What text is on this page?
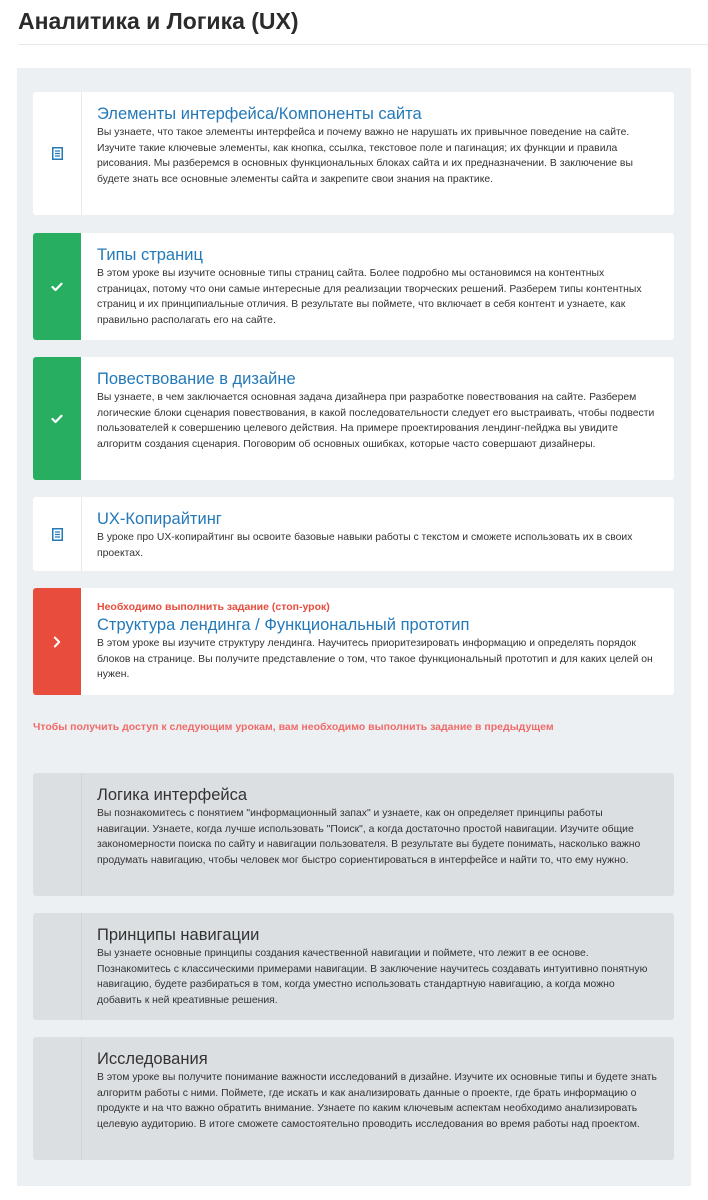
Аналитика и Логика (UX)
Элементы интерфейса/Компоненты сайта

Вы узнаете, что такое элементы интерфейса и почему важно не нарушать их привычное поведение на сайте. Изучите такие ключевые элементы, как кнопка, ссылка, текстовое поле и пагинация; их функции и правила рисования. Мы разберемся в основных функциональных блоках сайта и их предназначении. В заключение вы будете знать все основные элементы сайта и закрепите свои знания на практике.

Типы страниц

В этом уроке вы изучите основные типы страниц сайта. Более подробно мы остановимся на контентных страницах, потому что они самые интересные для реализации творческих решений. Разберем типы контентных страниц и их принципиальные отличия. В результате вы поймете, что включает в себя контент и узнаете, как правильно располагать его на сайте.

Повествование в дизайне

Вы узнаете, в чем заключается основная задача дизайнера при разработке повествования на сайте. Разберем логические блоки сценария повествования, в какой последовательности следует его выстраивать, чтобы подвести пользователей к совершению целевого действия. На примере проектирования лендинг-пейджа вы увидите алгоритм создания сценария. Поговорим об основных ошибках, которые часто совершают дизайнеры.

UX-Копирайтинг

В уроке про UX-копирайтинг вы освоите базовые навыки работы с текстом и сможете использовать их в своих проектах.

Необходимо выполнить задание (стоп-урок)
Структура лендинга / Функциональный прототип

В этом уроке вы изучите структуру лендинга. Научитесь приоритезировать информацию и определять порядок блоков на странице. Вы получите представление о том, что такое функциональный прототип и для каких целей он нужен.

Чтобы получить доступ к следующим урокам, вам необходимо выполнить задание в предыдущем
Логика интерфейса

Вы познакомитесь с понятием "информационный запах" и узнаете, как он определяет принципы работы навигации. Узнаете, когда лучше использовать "Поиск", а когда достаточно простой навигации. Изучите общие закономерности поиска по сайту и навигации пользователя. В результате вы будете понимать, насколько важно продумать навигацию, чтобы человек мог быстро сориентироваться в интерфейсе и найти то, что ему нужно.

Принципы навигации

Вы узнаете основные принципы создания качественной навигации и поймете, что лежит в ее основе. Познакомитесь с классическими примерами навигации. В заключение научитесь создавать интуитивно понятную навигацию, будете разбираться в том, когда уместно использовать стандартную навигацию, а когда можно добавить к ней креативные решения.

Исследования

В этом уроке вы получите понимание важности исследований в дизайне. Изучите их основные типы и будете знать алгоритм работы с ними. Поймете, где искать и как анализировать данные о проекте, где брать информацию о продукте и на что важно обратить внимание. Узнаете по каким ключевым аспектам необходимо анализировать целевую аудиторию. В итоге сможете самостоятельно проводить исследования во время работы над проектом.
